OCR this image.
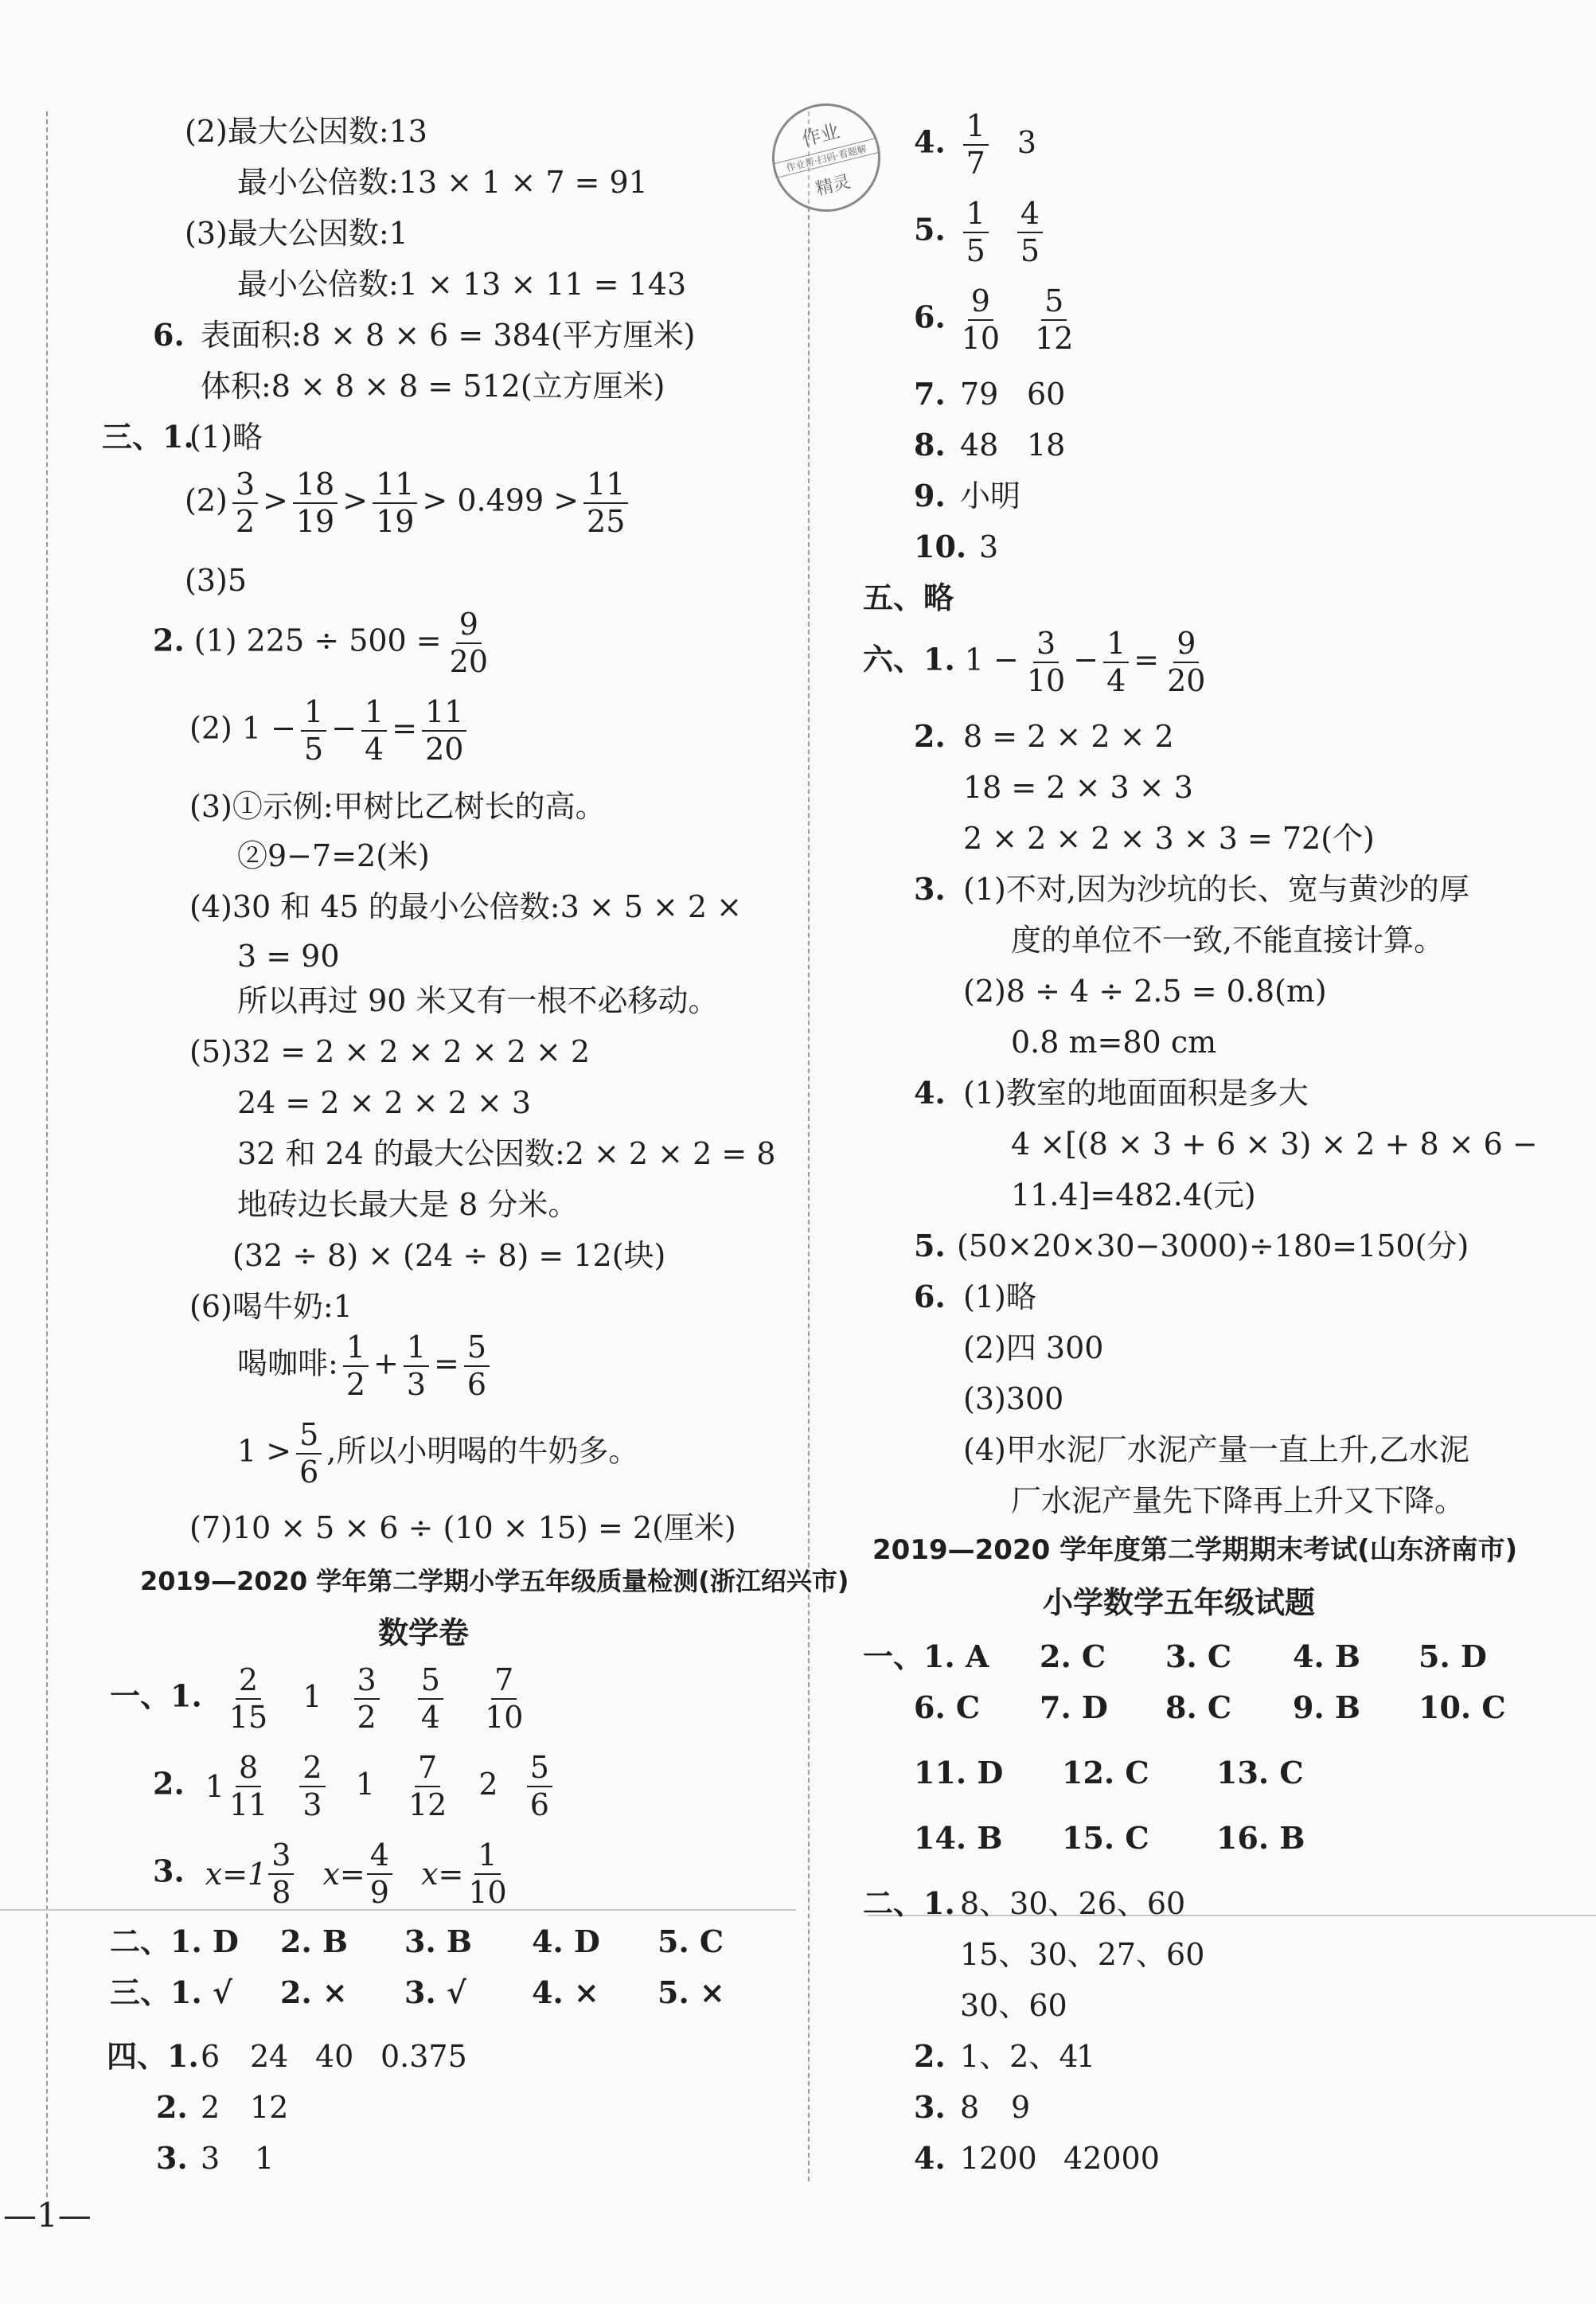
作业
作业帮·扫码·看题解
精灵
(2)最大公因数:13
最小公倍数:13 × 1 × 7 = 91
(3)最大公因数:1
最小公倍数:1 × 13 × 11 = 143
6. 表面积:8 × 8 × 6 = 384(平方厘米)
体积:8 × 8 × 8 = 512(立方厘米)
三、1.
(1)略
$(2) \frac{3}{2} > \frac{18}{19} > \frac{11}{19} > 0.499 > \frac{11}{25}$
(3)5
2. (1) $225 \div 500 = \frac{9}{20}$
(2) $1 - \frac{1}{5} - \frac{1}{4} = \frac{11}{20}$
(3)①示例:甲树比乙树长的高。
②9−7=2(米)
(4)30 和 45 的最小公倍数:3 × 5 × 2 ×
3 = 90
所以再过 90 米又有一根不必移动。
(5)32 = 2 × 2 × 2 × 2 × 2
24 = 2 × 2 × 2 × 3
32 和 24 的最大公因数:2 × 2 × 2 = 8
地砖边长最大是 8 分米。
(32 ÷ 8) × (24 ÷ 8) = 12(块)
(6)喝牛奶:1
喝咖啡: $\frac{1}{2} + \frac{1}{3} = \frac{5}{6}$
$1 > \frac{5}{6}$ ,所以小明喝的牛奶多。
(7)10 × 5 × 6 ÷ (10 × 15) = 2(厘米)
2019—2020 学年第二学期小学五年级质量检测(浙江绍兴市)
数学卷
一、1. $\frac{2}{15} 1 \frac{3}{2}$
$\frac{5}{4}$
$\frac{7}{10}$
2. 1
8
11
$\frac{2}{3} 1 \frac{7}{12} 2 \frac{5}{6}$
3. x=1
3
8

$x= \frac{4}{9}$
$x= \frac{1}{10}$
二、1. D 2. B 3. B 4. D 5. C
三、1. √ 2. × 3. √ 4. × 5. ×
四、1. 6 24 40 0.375
2. 2 12
3. 3 1
—1—
4. $\frac{1}{7} 3$
5. $\frac{1}{5} \frac{4}{5}$
6. $\frac{9}{10} \frac{5}{12}$
7. 79 60
8. 48 18
9. 小明
10. 3
五、略
六、1. $1 - \frac{3}{10} - \frac{1}{4} = \frac{9}{20}$
2. 8 = 2 × 2 × 2
18 = 2 × 3 × 3
2 × 2 × 2 × 3 × 3 = 72(个)
3. (1)不对,因为沙坑的长、宽与黄沙的厚
度的单位不一致,不能直接计算。
(2)8 ÷ 4 ÷ 2.5 = 0.8(m)
0.8 m=80 cm
4. (1)教室的地面面积是多大
4 ×[(8 × 3 + 6 × 3) × 2 + 8 × 6 −
11.4]=482.4(元)
5. (50×20×30−3000)÷180=150(分)
6. (1)略
(2)四 300
(3)300
(4)甲水泥厂水泥产量一直上升,乙水泥
厂水泥产量先下降再上升又下降。
2019—2020 学年度第二学期期末考试(山东济南市)
小学数学五年级试题
一、1. A 2. C 3. C 4. B 5. D
6. C 7. D 8. C 9. B 10. C
11. D 12. C 13. C
14. B 15. C 16. B
二、1. 8、30、26、60
15、30、27、60
30、60
2. 1、2、4
1
3. 8 9
4. 1200 42000
